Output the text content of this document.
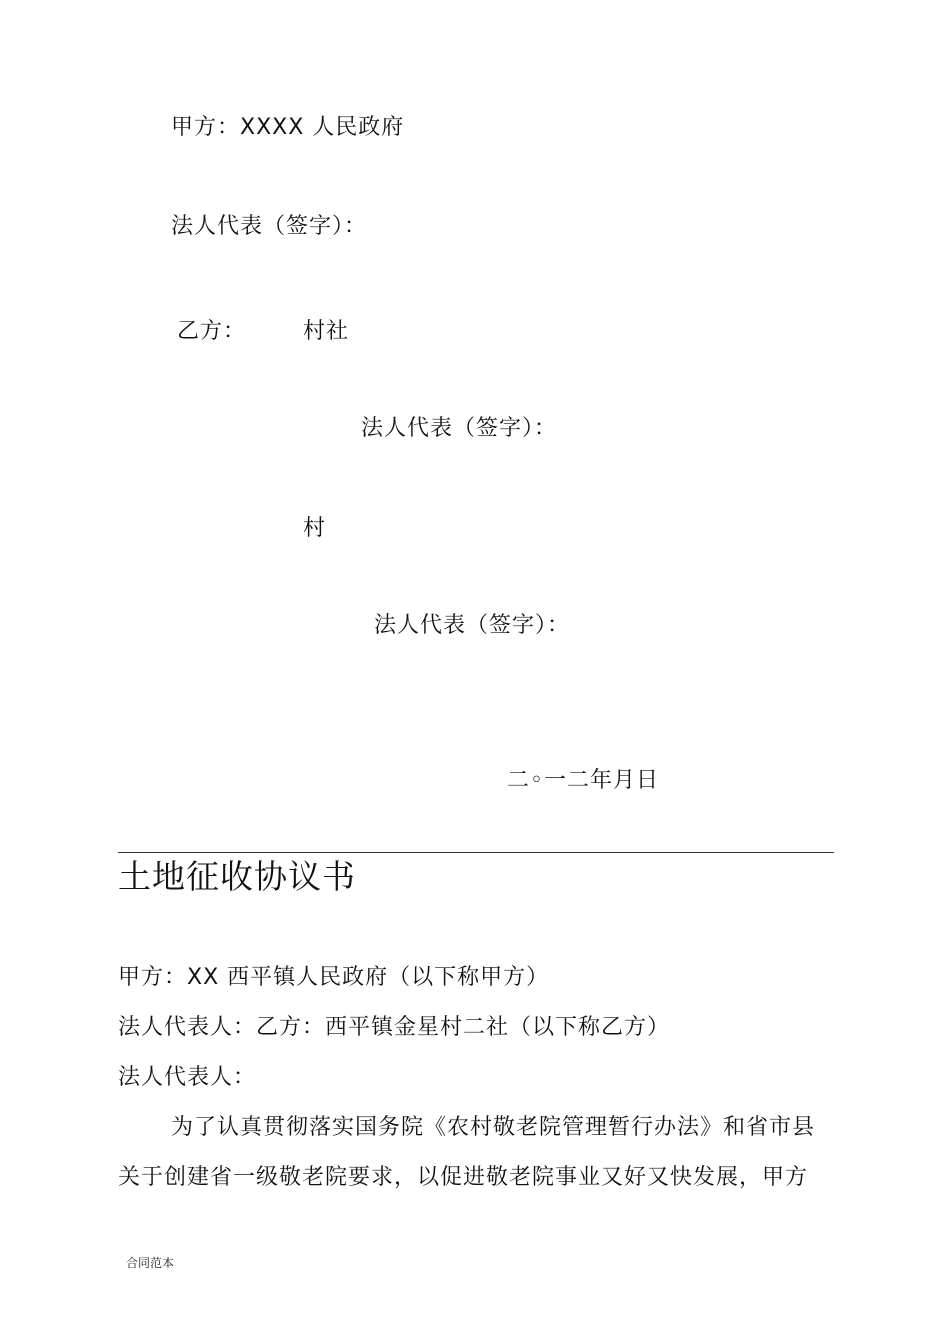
甲方：XXXX 人民政府
法人代表（签字）：
乙方：	村社
法人代表（签字）：
村
法人代表（签字）：
二◦一二年月日
土地征收协议书
甲方：XX 西平镇人民政府（以下称甲方）
法人代表人：乙方：西平镇金星村二社（以下称乙方）
法人代表人：
为了认真贯彻落实国务院《农村敬老院管理暂行办法》和省市县
关于创建省一级敬老院要求，以促进敬老院事业又好又快发展，甲方
合同范本
